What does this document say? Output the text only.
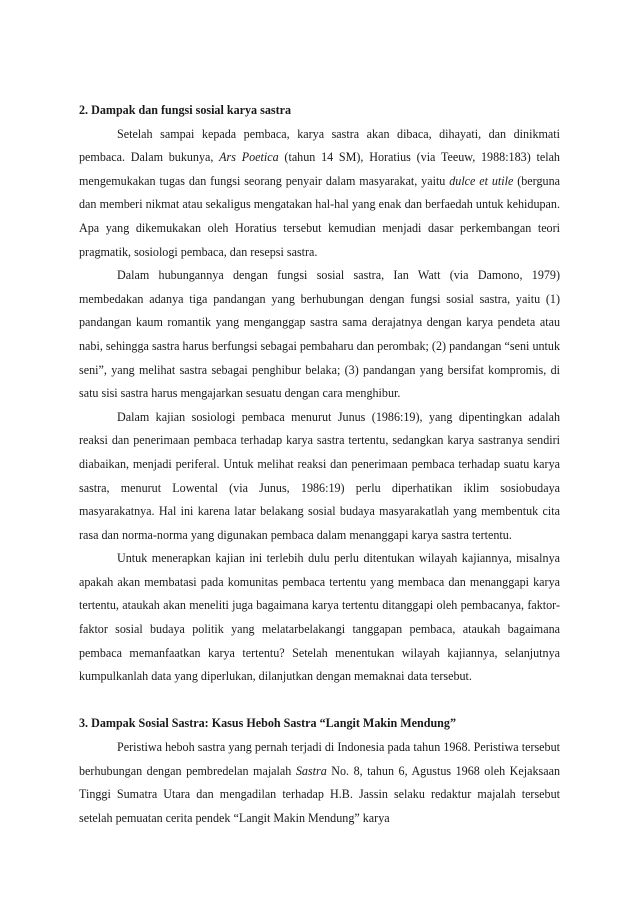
2. Dampak dan fungsi sosial karya sastra

Setelah sampai kepada pembaca, karya sastra akan dibaca, dihayati, dan dinikmati pembaca. Dalam bukunya, Ars Poetica (tahun 14 SM), Horatius (via Teeuw, 1988:183) telah mengemukakan tugas dan fungsi seorang penyair dalam masyarakat, yaitu dulce et utile (berguna dan memberi nikmat atau sekaligus mengatakan hal-hal yang enak dan berfaedah untuk kehidupan. Apa yang dikemukakan oleh Horatius tersebut kemudian menjadi dasar perkembangan teori pragmatik, sosiologi pembaca, dan resepsi sastra.

Dalam hubungannya dengan fungsi sosial sastra, Ian Watt (via Damono, 1979) membedakan adanya tiga pandangan yang berhubungan dengan fungsi sosial sastra, yaitu (1) pandangan kaum romantik yang menganggap sastra sama derajatnya dengan karya pendeta atau nabi, sehingga sastra harus berfungsi sebagai pembaharu dan perombak; (2) pandangan “seni untuk seni”, yang melihat sastra sebagai penghibur belaka; (3) pandangan yang bersifat kompromis, di satu sisi sastra harus mengajarkan sesuatu dengan cara menghibur.

Dalam kajian sosiologi pembaca menurut Junus (1986:19), yang dipentingkan adalah reaksi dan penerimaan pembaca terhadap karya sastra tertentu, sedangkan karya sastranya sendiri diabaikan, menjadi periferal. Untuk melihat reaksi dan penerimaan pembaca terhadap suatu karya sastra, menurut Lowental (via Junus, 1986:19) perlu diperhatikan iklim sosiobudaya masyarakatnya. Hal ini karena latar belakang sosial budaya masyarakatlah yang membentuk cita rasa dan norma-norma yang digunakan pembaca dalam menanggapi karya sastra tertentu.

Untuk menerapkan kajian ini terlebih dulu perlu ditentukan wilayah kajiannya, misalnya apakah akan membatasi pada komunitas pembaca tertentu yang membaca dan menanggapi karya tertentu, ataukah akan meneliti juga bagaimana karya tertentu ditanggapi oleh pembacanya, faktor-faktor sosial budaya politik yang melatarbelakangi tanggapan pembaca, ataukah bagaimana pembaca memanfaatkan karya tertentu? Setelah menentukan wilayah kajiannya, selanjutnya kumpulkanlah data yang diperlukan, dilanjutkan dengan memaknai data tersebut.

3. Dampak Sosial Sastra: Kasus Heboh Sastra “Langit Makin Mendung”

Peristiwa heboh sastra yang pernah terjadi di Indonesia pada tahun 1968. Peristiwa tersebut berhubungan dengan pembredelan majalah Sastra No. 8, tahun 6, Agustus 1968 oleh Kejaksaan Tinggi Sumatra Utara dan mengadilan terhadap H.B. Jassin selaku redaktur majalah tersebut setelah pemuatan cerita pendek “Langit Makin Mendung” karya
